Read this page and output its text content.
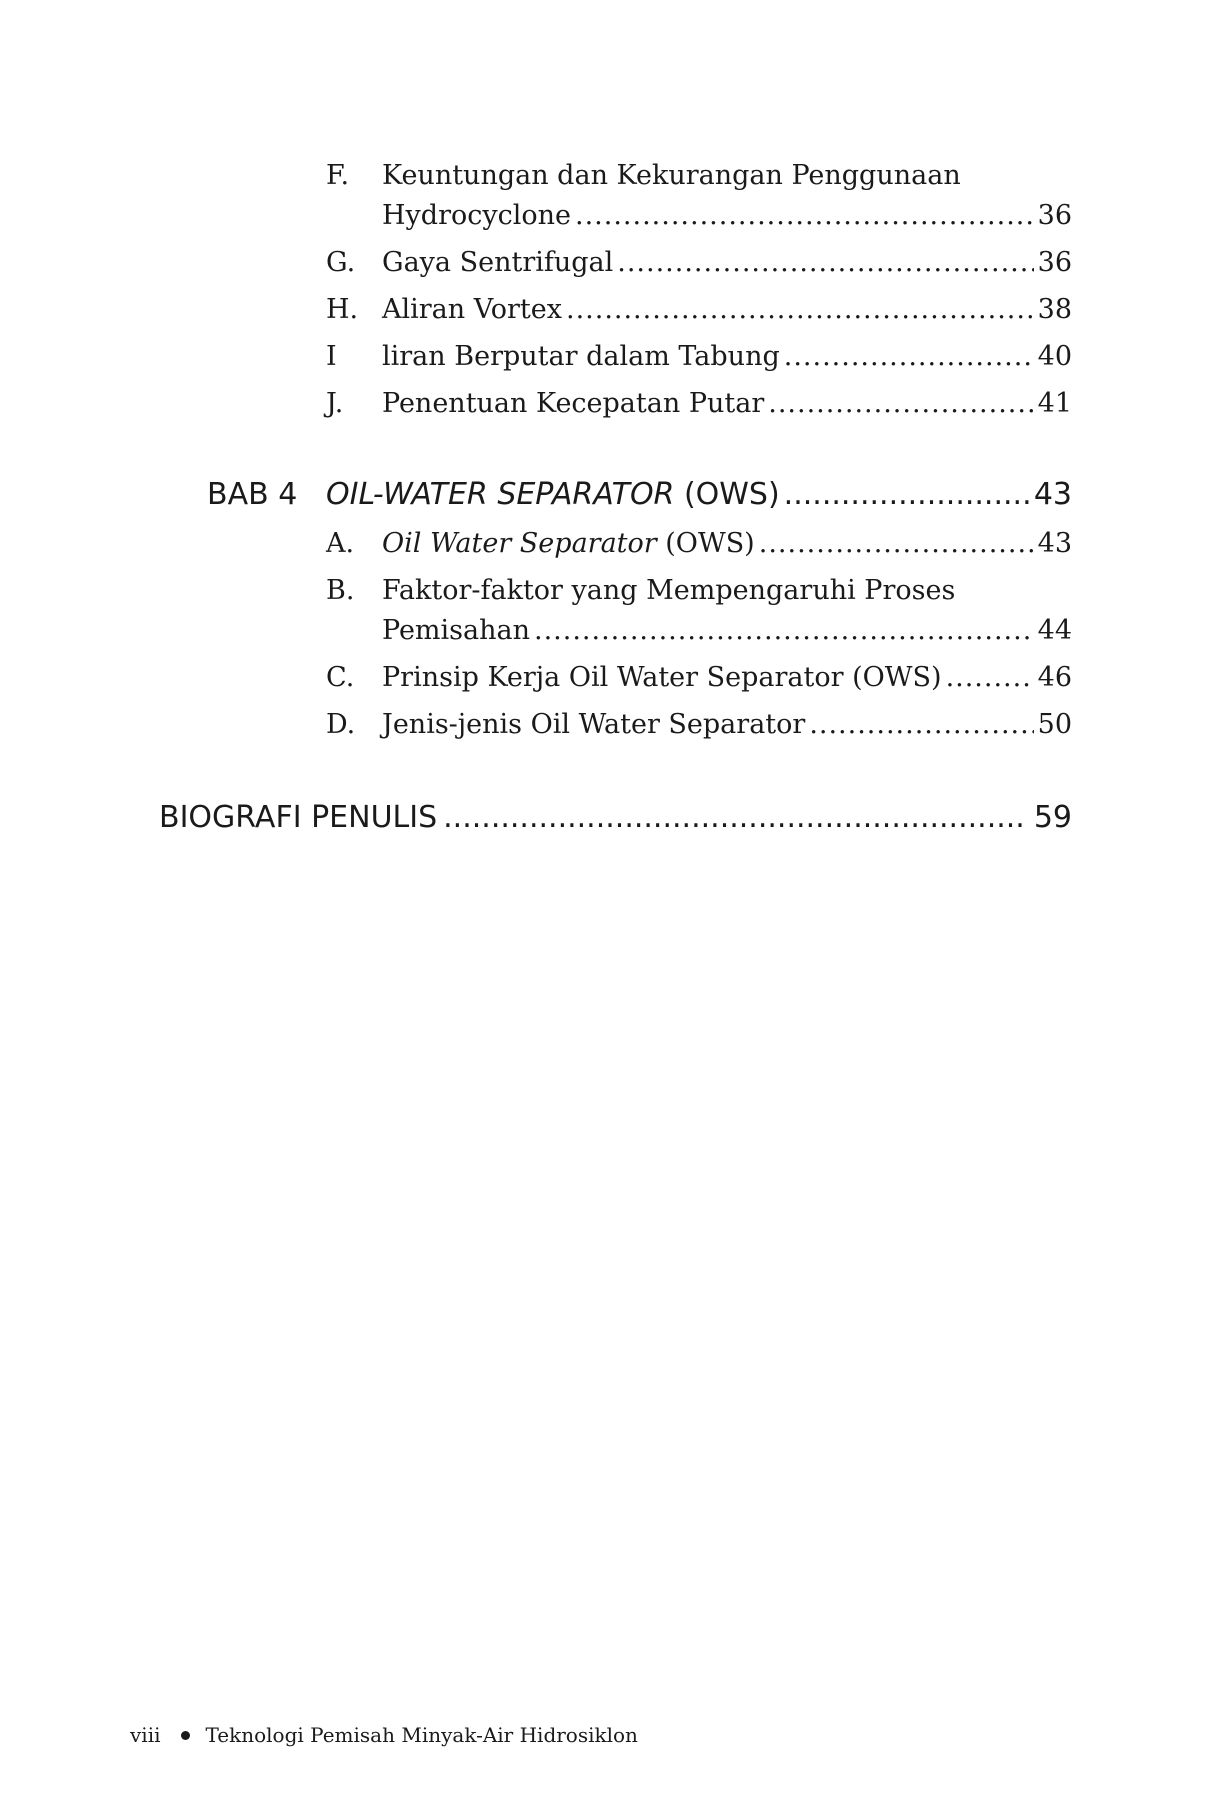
F. Keuntungan dan Kekurangan Penggunaan
Hydrocyclone .....	36
G. Gaya Sentrifugal .....	36
H. Aliran Vortex .....	38
I liran Berputar dalam Tabung .....	40
J. Penentuan Kecepatan Putar .....	41
BAB 4 OIL-WATER SEPARATOR (OWS) .....	43
A. Oil Water Separator (OWS) .....	43
B. Faktor-faktor yang Mempengaruhi Proses
Pemisahan .....	44
C. Prinsip Kerja Oil Water Separator (OWS) .....	46
D. Jenis-jenis Oil Water Separator .....	50
BIOGRAFI PENULIS .....	59
viii Teknologi Pemisah Minyak-Air Hidrosiklon
